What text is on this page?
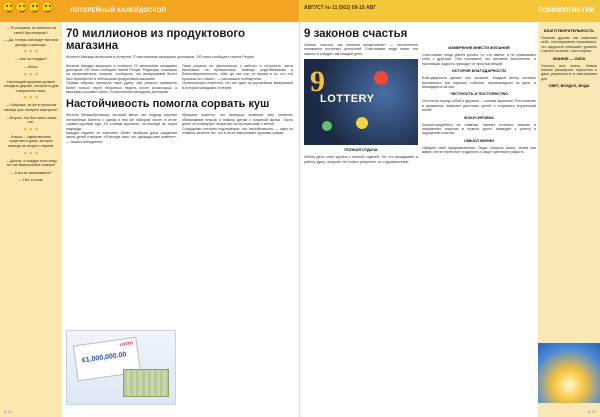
ЛОТЕРЕЙНЫЙ КАЛЕЙДОСКОП
— Я слышала, ты женился на своей бухгалтерше?
— Да, теперь она ведет все мои доходы и расходы.
✶ ✶ ✶
— Как ты похудел?
— Жена.
✶ ✶ ✶
Настоящий мужчина должен посадить дерево, построить дом и вырастить сына.
✶ ✶ ✶
— Бабушка, ты же в прошлом месяце уже лотерею выиграла?
— Внучек, это был всего лишь сон.
✶ ✶ ✶
Кошка — единственное существо в доме, которое никогда не спорит с мужем.
✶ ✶ ✶
— Доктор, я каждую ночь вижу во сне выигрышные номера!
— А вы их записываете?
— Нет, я сплю.
70 миллионов из продуктового магазина

Жители Канады выиграли в лотерею 70 миллионов канадских долларов. Об этом сообщает газета People.

Жители Канады выиграли в лотерею 70 миллионов канадских долларов. Об этом сообщает газета People. Редакция, ссылаясь на организаторов лотереи, сообщила, что выигрышный билет был приобретен в небольшом продуктовом магазине.

Первая покупка принесла паре удачу: они решили проверить билет только через несколько недель после розыгрыша, а выигрыш составил около 70 миллионов канадских долларов.

Пара решила не увольняться с работы и потратить часть выигрыша на путешествия, помощь родственникам и благотворительность. «Мы до сих пор не верим в то, что это произошло с нами», — рассказали победители.

Организаторы отметили, что это один из крупнейших выигрышей в истории канадских лотерей.

Настойчивость помогла сорвать куш

Житель Великобритании, который много лет подряд покупал лотерейные билеты с одним и тем же набором чисел, в итоге сорвал крупный куш. По словам мужчины, он никогда не терял надежды.

Каждую неделю он заполнял билет, выбирая даты рождения своих детей и внуков. «Я всегда знал, что однажды мне повезет», — сказал победитель.

Мужчина отметил, что выигрыш позволит ему оплатить образование внуков и помочь детям с покупкой жилья. Часть денег он планирует потратить на путешествие с женой.

Сотрудники лотереи подчеркнули, что настойчивость — одно из главных качеств тех, кто в итоге выигрывает крупные суммы.

LOTTO
€1,000,000.00
А 10
АВГУСТ № 11 (562) 09-15 АВГ	ПСИХОЛОГИЯ ГРИ
9 законов счастья

Знание счастья, как понятия предполагает — постепенное понимание истинных ценностей. Счастливые люди знают эти законы и следуют им каждый день.

9
LOTTERY

ПОЛНАЯ ОТДАЧА

Любое дело стоит делать с полной отдачей. Тот, кто вкладывает в работу душу, получает не только результат, но и удовольствие.

ИЗМЕРЕНИЕ ВНЕСТИ ЖЕЛАНИЙ

Счастливые люди умеют ценить то, что имеют, и не сравнивают себя с другими. Они понимают, что желания бесконечны, а настоящая радость приходит от простых вещей.

ИСТОРИЯ БЛАГОДАРНОСТИ

Благодарность делает нас сильнее. Каждый вечер полезно вспоминать три хороших события, произошедших за день, и благодарить за них.

ЧЕСТНОСТЬ И ПОСТОЯНСТВО

Честность перед собой и другими — основа гармонии. Постоянство в привычках помогает достигать целей и сохранять внутренний покой.

ФОКУСИРОВКА

Концентрируйтесь на главном. Умение отсекать лишнее и направлять энергию в нужное русло приводит к успеху и ощущению счастья.

СМЫСЛ ЖИЗНИ

Найдите свое предназначение. Люди, которые знают, зачем они живут, легче переносят трудности и чаще чувствуют радость.

БЛАГОТВОРИТЕЛЬНОСТЬ

Помогая другим, мы помогаем себе. Исследования показывают, что щедрость повышает уровень счастья сильнее, чем покупки.

ЗНАНИЕ — СИЛА

Учитесь всю жизнь. Новые знания расширяют горизонты и дают уверенность в завтрашнем дне.

СВЕТ, ВОЗДУХ, ВОДА

А 11
